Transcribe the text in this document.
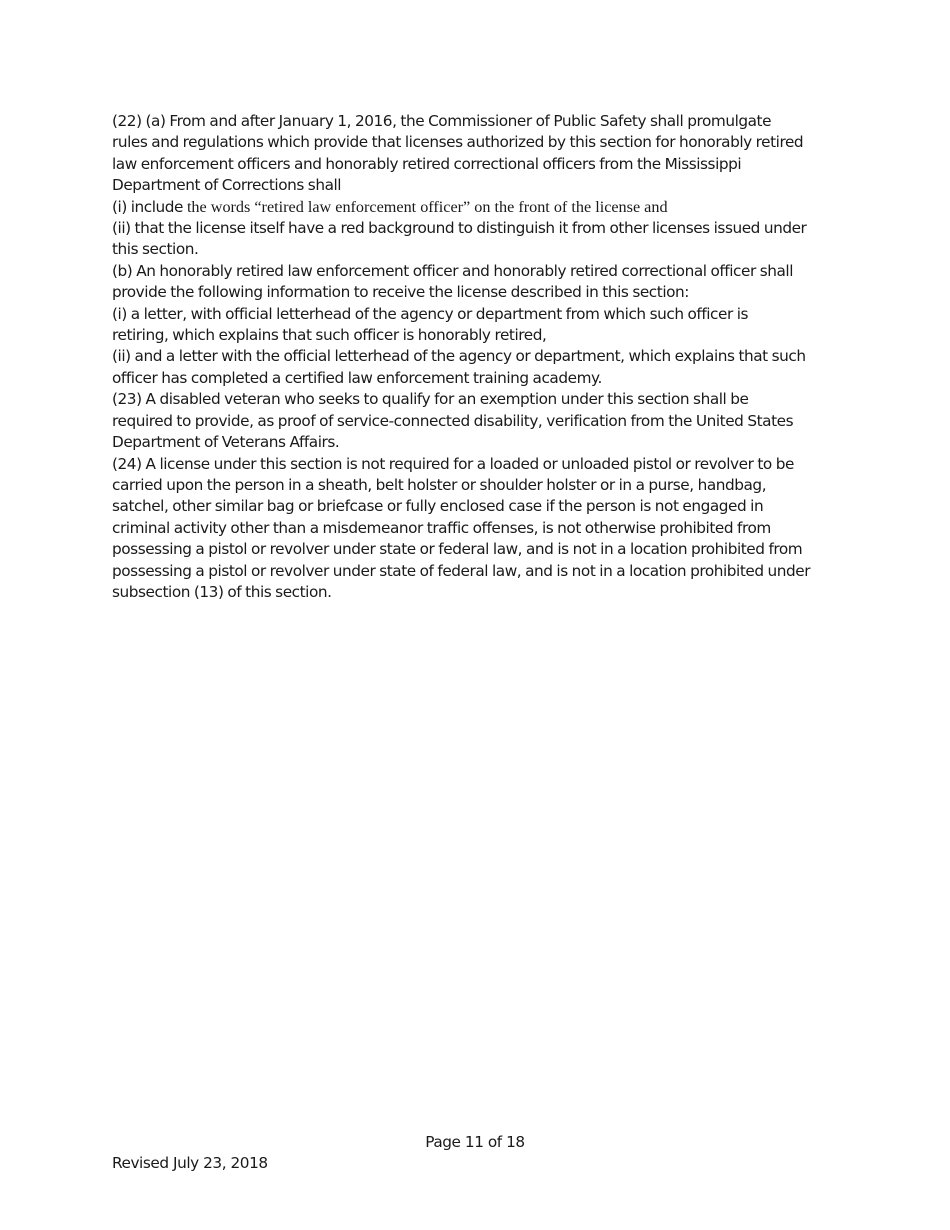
(22) (a) From and after January 1, 2016, the Commissioner of Public Safety shall promulgate
rules and regulations which provide that licenses authorized by this section for honorably retired
law enforcement officers and honorably retired correctional officers from the Mississippi
Department of Corrections shall
(i) include the words “retired law enforcement officer” on the front of the license and
(ii) that the license itself have a red background to distinguish it from other licenses issued under
this section.
(b) An honorably retired law enforcement officer and honorably retired correctional officer shall
provide the following information to receive the license described in this section:
(i) a letter, with official letterhead of the agency or department from which such officer is
retiring, which explains that such officer is honorably retired,
(ii) and a letter with the official letterhead of the agency or department, which explains that such
officer has completed a certified law enforcement training academy.
(23) A disabled veteran who seeks to qualify for an exemption under this section shall be
required to provide, as proof of service-connected disability, verification from the United States
Department of Veterans Affairs.
(24) A license under this section is not required for a loaded or unloaded pistol or revolver to be
carried upon the person in a sheath, belt holster or shoulder holster or in a purse, handbag,
satchel, other similar bag or briefcase or fully enclosed case if the person is not engaged in
criminal activity other than a misdemeanor traffic offenses, is not otherwise prohibited from
possessing a pistol or revolver under state or federal law, and is not in a location prohibited from
possessing a pistol or revolver under state of federal law, and is not in a location prohibited under
subsection (13) of this section.
Page 11 of 18
Revised July 23, 2018
